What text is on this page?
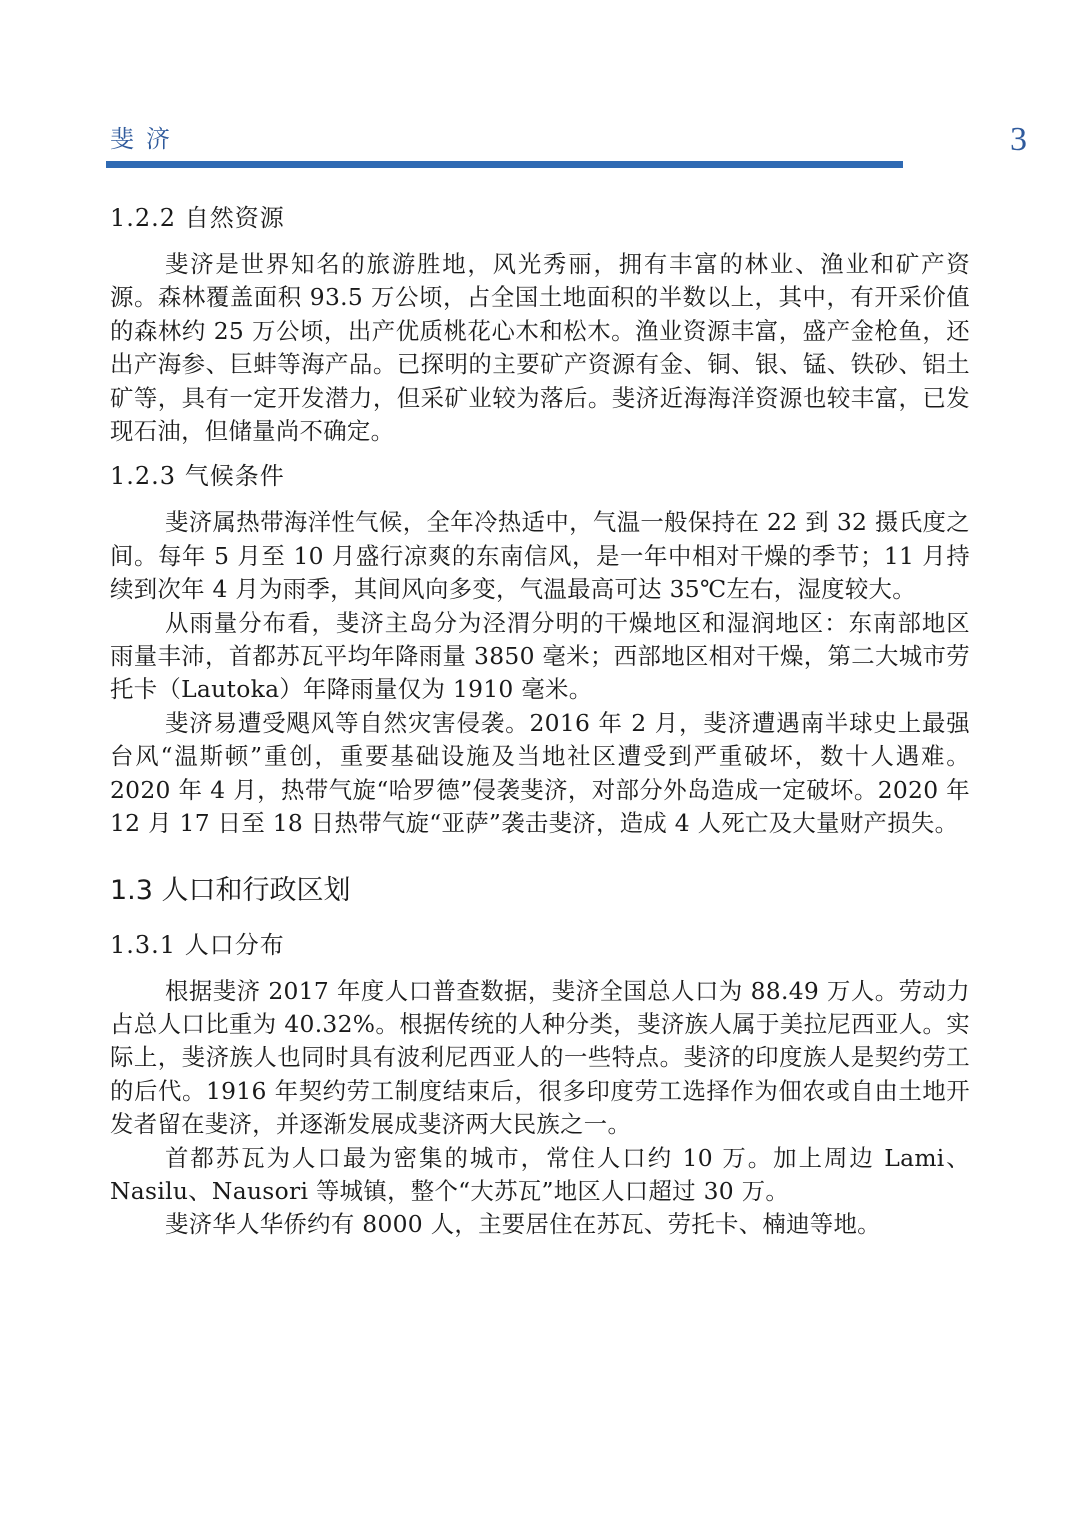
斐济	3
1.2.2 自然资源

斐济是世界知名的旅游胜地，风光秀丽，拥有丰富的林业、渔业和矿产资源。森林覆盖面积 93.5 万公顷，占全国土地面积的半数以上，其中，有开采价值的森林约 25 万公顷，出产优质桃花心木和松木。渔业资源丰富，盛产金枪鱼，还出产海参、巨蚌等海产品。已探明的主要矿产资源有金、铜、银、锰、铁砂、铝土矿等，具有一定开发潜力，但采矿业较为落后。斐济近海海洋资源也较丰富，已发现石油，但储量尚不确定。

1.2.3 气候条件

斐济属热带海洋性气候，全年冷热适中，气温一般保持在 22 到 32 摄氏度之间。每年 5 月至 10 月盛行凉爽的东南信风，是一年中相对干燥的季节；11 月持续到次年 4 月为雨季，其间风向多变，气温最高可达 35℃左右，湿度较大。

从雨量分布看，斐济主岛分为泾渭分明的干燥地区和湿润地区：东南部地区雨量丰沛，首都苏瓦平均年降雨量 3850 毫米；西部地区相对干燥，第二大城市劳托卡（Lautoka）年降雨量仅为 1910 毫米。

斐济易遭受飓风等自然灾害侵袭。2016 年 2 月，斐济遭遇南半球史上最强台风“温斯顿”重创，重要基础设施及当地社区遭受到严重破坏，数十人遇难。2020 年 4 月，热带气旋“哈罗德”侵袭斐济，对部分外岛造成一定破坏。2020 年 12 月 17 日至 18 日热带气旋“亚萨”袭击斐济，造成 4 人死亡及大量财产损失。

1.3 人口和行政区划
1.3.1 人口分布

根据斐济 2017 年度人口普查数据，斐济全国总人口为 88.49 万人。劳动力占总人口比重为 40.32%。根据传统的人种分类，斐济族人属于美拉尼西亚人。实际上，斐济族人也同时具有波利尼西亚人的一些特点。斐济的印度族人是契约劳工的后代。1916 年契约劳工制度结束后，很多印度劳工选择作为佃农或自由土地开发者留在斐济，并逐渐发展成斐济两大民族之一。

首都苏瓦为人口最为密集的城市，常住人口约 10 万。加上周边 Lami、Nasilu、Nausori 等城镇，整个“大苏瓦”地区人口超过 30 万。

斐济华人华侨约有 8000 人，主要居住在苏瓦、劳托卡、楠迪等地。
